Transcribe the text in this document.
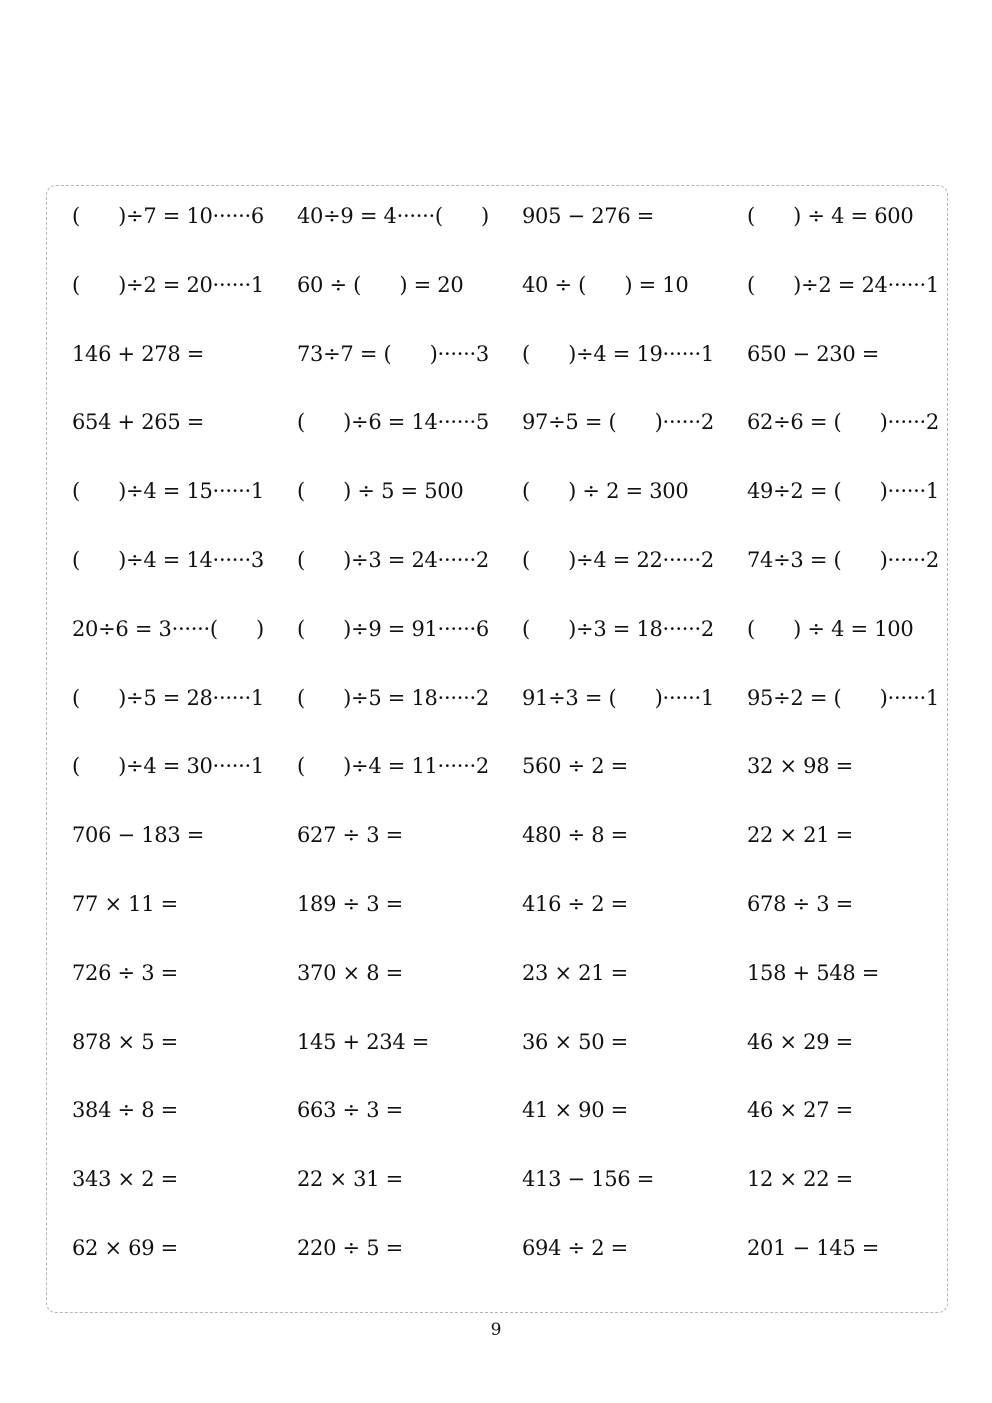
(      )÷7 = 10······6	40÷9 = 4······(      )	905 − 276 =	(      ) ÷ 4 = 600
(      )÷2 = 20······1	60 ÷ (      ) = 20	40 ÷ (      ) = 10	(      )÷2 = 24······1
146 + 278 =	73÷7 = (      )······3	(      )÷4 = 19······1	650 − 230 =
654 + 265 =	(      )÷6 = 14······5	97÷5 = (      )······2	62÷6 = (      )······2
(      )÷4 = 15······1	(      ) ÷ 5 = 500	(      ) ÷ 2 = 300	49÷2 = (      )······1
(      )÷4 = 14······3	(      )÷3 = 24······2	(      )÷4 = 22······2	74÷3 = (      )······2
20÷6 = 3······(      )	(      )÷9 = 91······6	(      )÷3 = 18······2	(      ) ÷ 4 = 100
(      )÷5 = 28······1	(      )÷5 = 18······2	91÷3 = (      )······1	95÷2 = (      )······1
(      )÷4 = 30······1	(      )÷4 = 11······2	560 ÷ 2 =	32 × 98 =
706 − 183 =	627 ÷ 3 =	480 ÷ 8 =	22 × 21 =
77 × 11 =	189 ÷ 3 =	416 ÷ 2 =	678 ÷ 3 =
726 ÷ 3 =	370 × 8 =	23 × 21 =	158 + 548 =
878 × 5 =	145 + 234 =	36 × 50 =	46 × 29 =
384 ÷ 8 =	663 ÷ 3 =	41 × 90 =	46 × 27 =
343 × 2 =	22 × 31 =	413 − 156 =	12 × 22 =
62 × 69 =	220 ÷ 5 =	694 ÷ 2 =	201 − 145 =
9
